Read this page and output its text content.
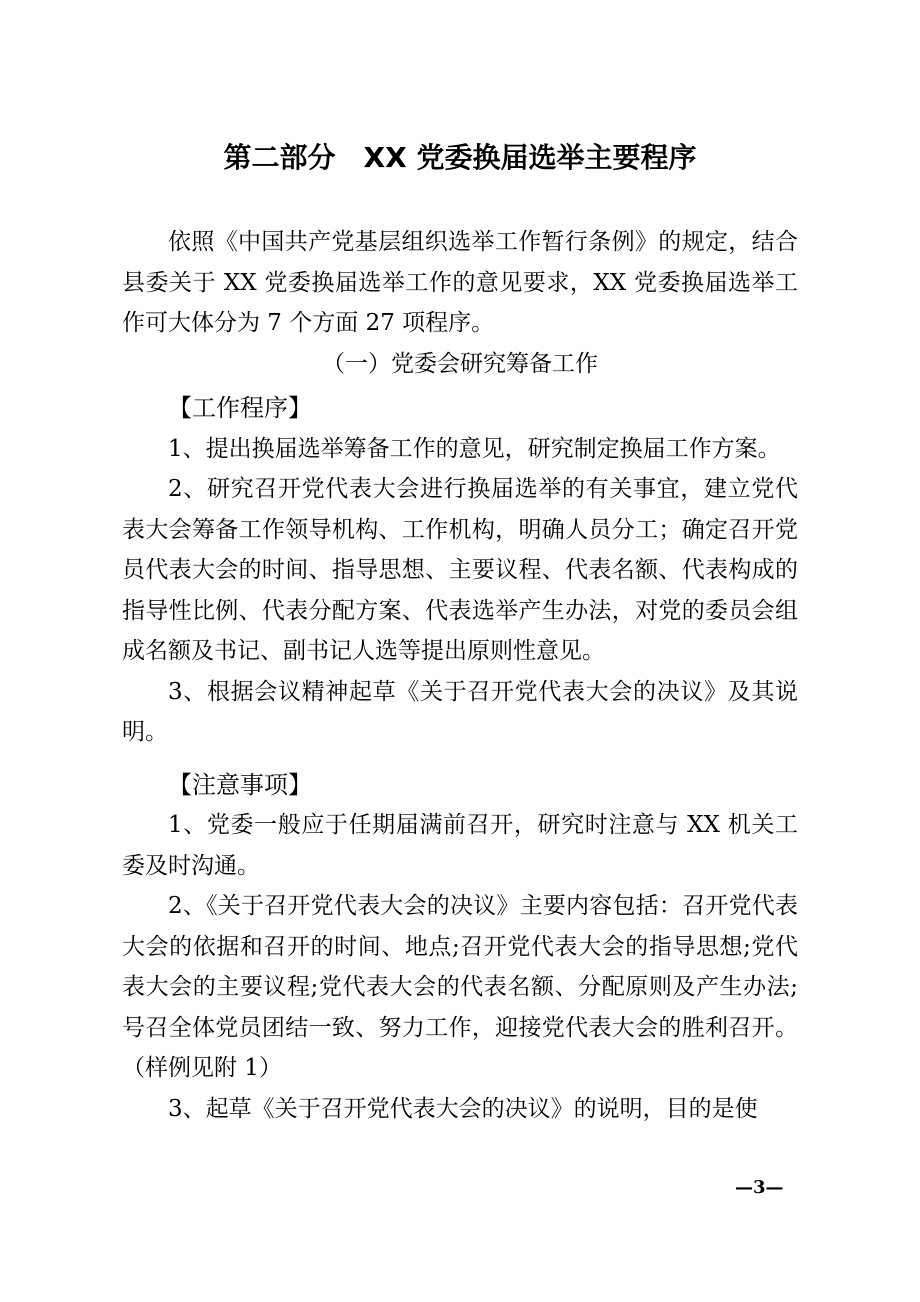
第二部分　XX 党委换届选举主要程序

依照《中国共产党基层组织选举工作暂行条例》的规定，结合县委关于 XX 党委换届选举工作的意见要求，XX 党委换届选举工作可大体分为 7 个方面 27 项程序。

（一）党委会研究筹备工作

【工作程序】

1、提出换届选举筹备工作的意见，研究制定换届工作方案。

2、研究召开党代表大会进行换届选举的有关事宜，建立党代表大会筹备工作领导机构、工作机构，明确人员分工；确定召开党员代表大会的时间、指导思想、主要议程、代表名额、代表构成的指导性比例、代表分配方案、代表选举产生办法，对党的委员会组成名额及书记、副书记人选等提出原则性意见。

3、根据会议精神起草《关于召开党代表大会的决议》及其说明。

【注意事项】

1、党委一般应于任期届满前召开，研究时注意与 XX 机关工委及时沟通。

2、《关于召开党代表大会的决议》主要内容包括：召开党代表大会的依据和召开的时间、地点;召开党代表大会的指导思想;党代表大会的主要议程;党代表大会的代表名额、分配原则及产生办法;号召全体党员团结一致、努力工作，迎接党代表大会的胜利召开。（样例见附 1）

3、起草《关于召开党代表大会的决议》的说明，目的是使

—3—
